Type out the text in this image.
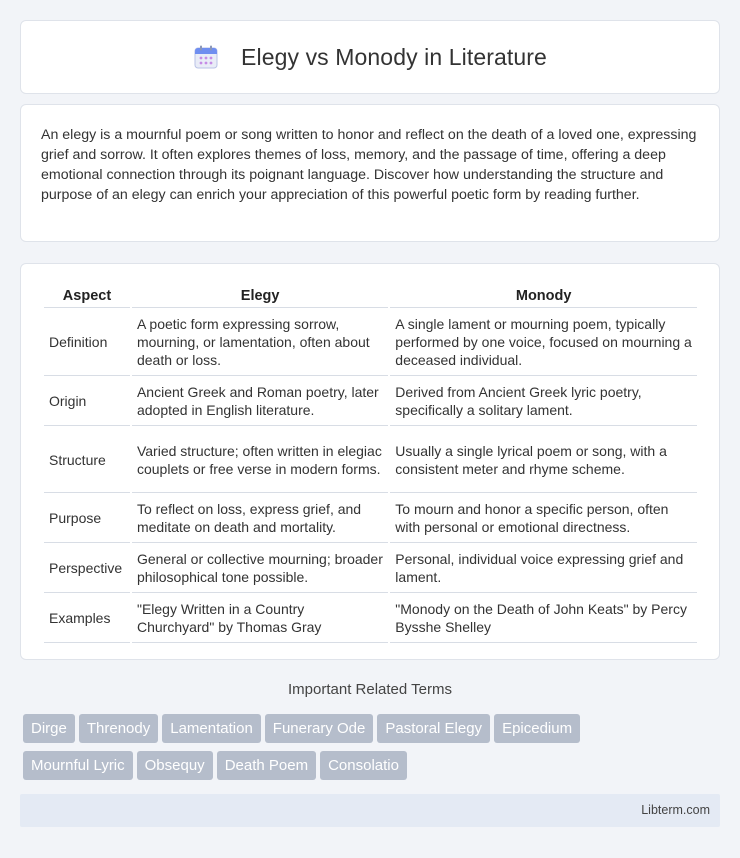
Elegy vs Monody in Literature

An elegy is a mournful poem or song written to honor and reflect on the death of a loved one, expressing grief and sorrow. It often explores themes of loss, memory, and the passage of time, offering a deep emotional connection through its poignant language. Discover how understanding the structure and purpose of an elegy can enrich your appreciation of this powerful poetic form by reading further.

Aspect	Elegy	Monody
Definition	A poetic form expressing sorrow, mourning, or lamentation, often about death or loss.	A single lament or mourning poem, typically performed by one voice, focused on mourning a deceased individual.
Origin	Ancient Greek and Roman poetry, later adopted in English literature.	Derived from Ancient Greek lyric poetry, specifically a solitary lament.
Structure	Varied structure; often written in elegiac couplets or free verse in modern forms.	Usually a single lyrical poem or song, with a consistent meter and rhyme scheme.
Purpose	To reflect on loss, express grief, and meditate on death and mortality.	To mourn and honor a specific person, often with personal or emotional directness.
Perspective	General or collective mourning; broader philosophical tone possible.	Personal, individual voice expressing grief and lament.
Examples	"Elegy Written in a Country Churchyard" by Thomas Gray	"Monody on the Death of John Keats" by Percy Bysshe Shelley
Important Related Terms
Dirge Threnody Lamentation Funerary Ode Pastoral Elegy Epicedium
Mournful Lyric Obsequy Death Poem Consolatio
Libterm.com
